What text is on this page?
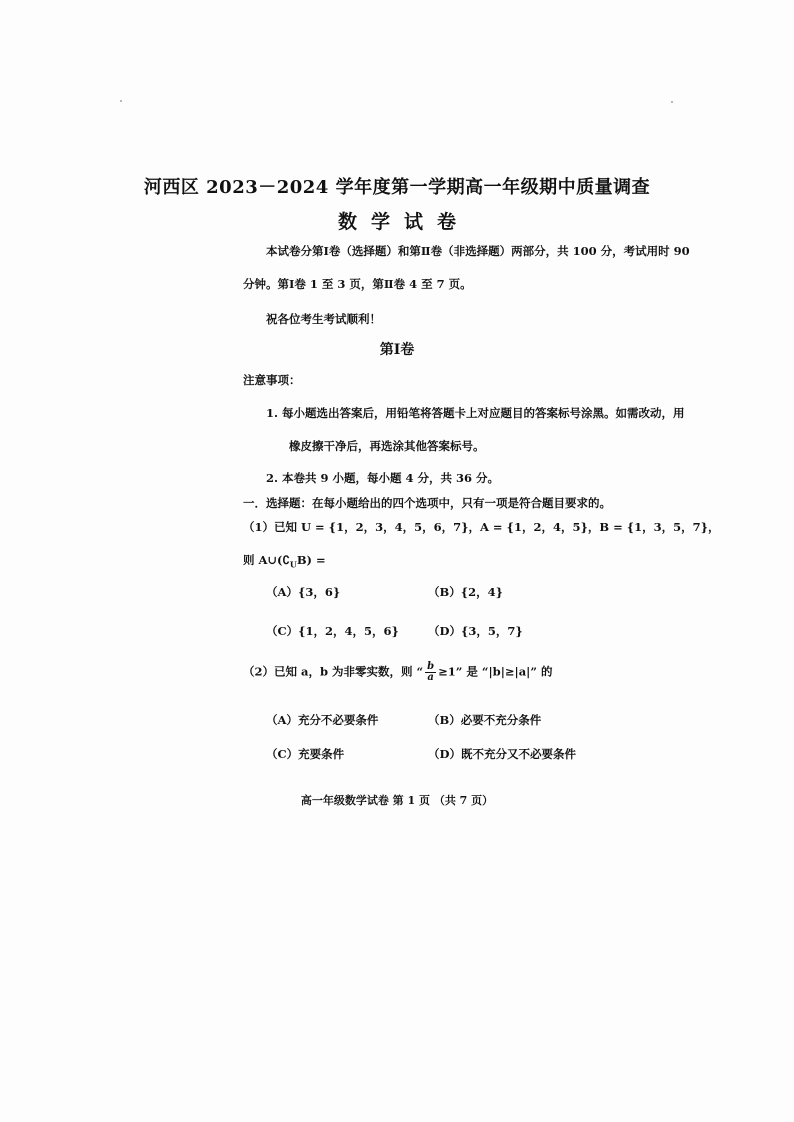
河西区 2023－2024 学年度第一学期高一年级期中质量调查
数学试卷
本试卷分第Ⅰ卷（选择题）和第Ⅱ卷（非选择题）两部分，共 100 分，考试用时 90
分钟。第Ⅰ卷 1 至 3 页，第Ⅱ卷 4 至 7 页。
祝各位考生考试顺利！
第Ⅰ卷
注意事项：
1. 每小题选出答案后，用铅笔将答题卡上对应题目的答案标号涂黑。如需改动，用
橡皮擦干净后，再选涂其他答案标号。
2. 本卷共 9 小题，每小题 4 分，共 36 分。
一．选择题：在每小题给出的四个选项中，只有一项是符合题目要求的。
（1）已知 U = {1，2，3，4，5，6，7}，A = {1，2，4，5}，B = {1，3，5，7}，
则 $A\cup(∁_UB)$ =
（A）{3，6}	（B）{2，4}
（C）{1，2，4，5，6}	（D）{3，5，7}
（2）已知 a，b 为非零实数，则 “ $\frac{b}{a} \ge 1$” 是 “|b|≥|a|” 的
（A）充分不必要条件	（B）必要不充分条件
（C）充要条件	（D）既不充分又不必要条件
高一年级数学试卷 第 1 页 （共 7 页）
